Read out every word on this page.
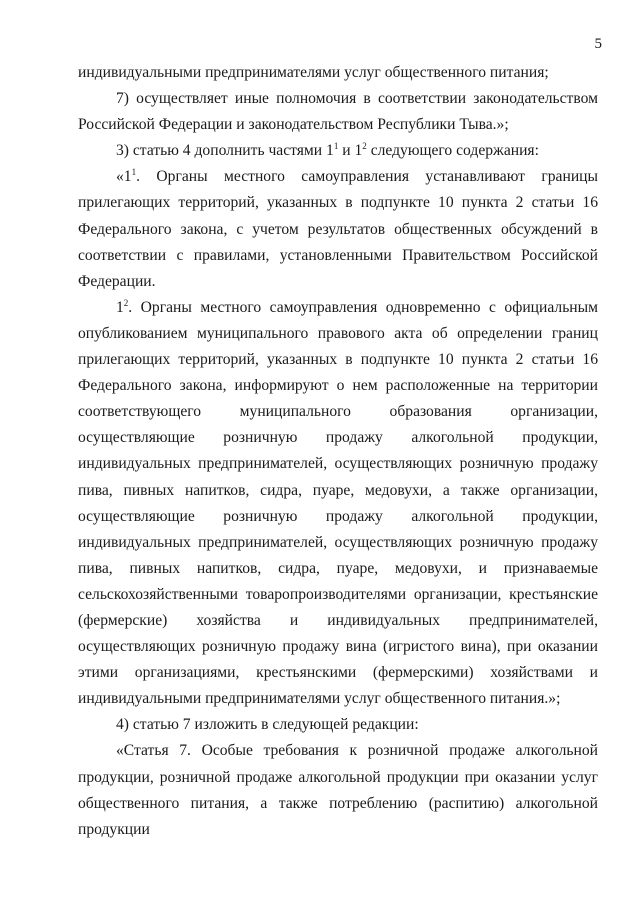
5
индивидуальными предпринимателями услуг общественного питания;
7) осуществляет иные полномочия в соответствии законодательством
Российской Федерации и законодательством Республики Тыва.»;
3) статью 4 дополнить частями $1^1$ и $1^2$ следующего содержания:
«$1^1$. Органы местного самоуправления устанавливают границы
прилегающих территорий, указанных в подпункте 10 пункта 2 статьи 16
Федерального закона, с учетом результатов общественных обсуждений в
соответствии с правилами, установленными Правительством Российской
Федерации.
$1^2$. Органы местного самоуправления одновременно с официальным
опубликованием муниципального правового акта об определении границ
прилегающих территорий, указанных в подпункте 10 пункта 2 статьи 16
Федерального закона, информируют о нем расположенные на территории
соответствующего муниципального образования организации,
осуществляющие розничную продажу алкогольной продукции,
индивидуальных предпринимателей, осуществляющих розничную продажу
пива, пивных напитков, сидра, пуаре, медовухи, а также организации,
осуществляющие розничную продажу алкогольной продукции,
индивидуальных предпринимателей, осуществляющих розничную продажу
пива, пивных напитков, сидра, пуаре, медовухи, и признаваемые
сельскохозяйственными товаропроизводителями организации, крестьянские
(фермерские) хозяйства и индивидуальных предпринимателей,
осуществляющих розничную продажу вина (игристого вина), при оказании
этими организациями, крестьянскими (фермерскими) хозяйствами и
индивидуальными предпринимателями услуг общественного питания.»;
4) статью 7 изложить в следующей редакции:
«Статья 7. Особые требования к розничной продаже алкогольной
продукции, розничной продаже алкогольной продукции при оказании услуг
общественного питания, а также потреблению (распитию) алкогольной
продукции
